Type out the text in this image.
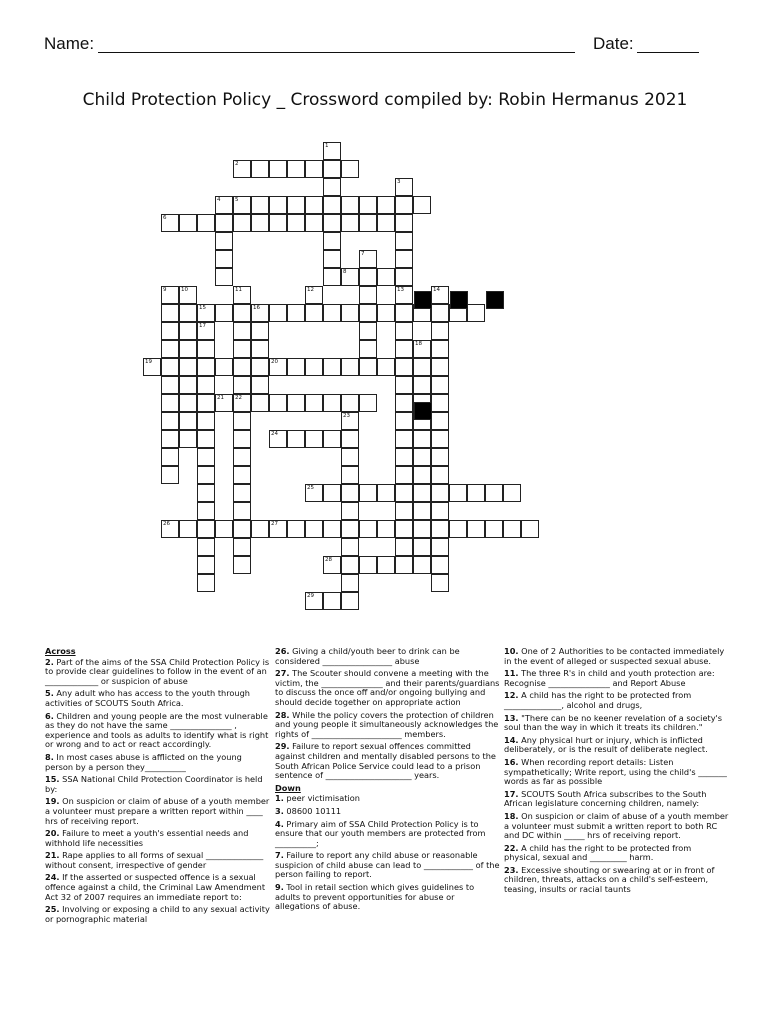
Name:	Date:
Child Protection Policy _ Crossword compiled by: Robin Hermanus 2021
1
2
3
4	5
6
7
8
9	10	11	12	13	14
15	16
17
18
19	20
21 22
23
24
25
26	27
28
29
Across
2. Part of the aims of the SSA Child Protection Policy is to provide clear guidelines to follow in the event of an _____________ or suspicion of abuse
5. Any adult who has access to the youth through activities of SCOUTS South Africa.
6. Children and young people are the most vulnerable as they do not have the same _______________ , experience and tools as adults to identify what is right or wrong and to act or react accordingly.
8. In most cases abuse is afflicted on the young person by a person they__________
15. SSA National Child Protection Coordinator is held by:
19. On suspicion or claim of abuse of a youth member a volunteer must prepare a written report within ____ hrs of receiving report.
20. Failure to meet a youth's essential needs and withhold life necessities
21. Rape applies to all forms of sexual ______________ without consent, irrespective of gender
24. If the asserted or suspected offence is a sexual offence against a child, the Criminal Law Amendment Act 32 of 2007 requires an immediate report to:
25. Involving or exposing a child to any sexual activity or pornographic material
26. Giving a child/youth beer to drink can be considered _________________ abuse
27. The Scouter should convene a meeting with the victim, the _______________ and their parents/guardians to discuss the once off and/or ongoing bullying and should decide together on appropriate action
28. While the policy covers the protection of children and young people it simultaneously acknowledges the rights of ______________________ members.
29. Failure to report sexual offences committed against children and mentally disabled persons to the South African Police Service could lead to a prison sentence of _____________________ years.
Down
1. peer victimisation
3. 08600 10111
4. Primary aim of SSA Child Protection Policy is to ensure that our youth members are protected from __________;
7. Failure to report any child abuse or reasonable suspicion of child abuse can lead to ____________ of the person failing to report.
9. Tool in retail section which gives guidelines to adults to prevent opportunities for abuse or allegations of abuse.
10. One of 2 Authorities to be contacted immediately in the event of alleged or suspected sexual abuse.
11. The three R's in child and youth protection are: Recognise _______________ and Report Abuse
12. A child has the right to be protected from ______________, alcohol and drugs,
13. "There can be no keener revelation of a society's soul than the way in which it treats its children."
14. Any physical hurt or injury, which is inflicted deliberately, or is the result of deliberate neglect.
16. When recording report details: Listen sympathetically; Write report, using the child's _______ words as far as possible
17. SCOUTS South Africa subscribes to the South African legislature concerning children, namely:
18. On suspicion or claim of abuse of a youth member a volunteer must submit a written report to both RC and DC within _____ hrs of receiving report.
22. A child has the right to be protected from physical, sexual and _________ harm.
23. Excessive shouting or swearing at or in front of children, threats, attacks on a child's self-esteem, teasing, insults or racial taunts
